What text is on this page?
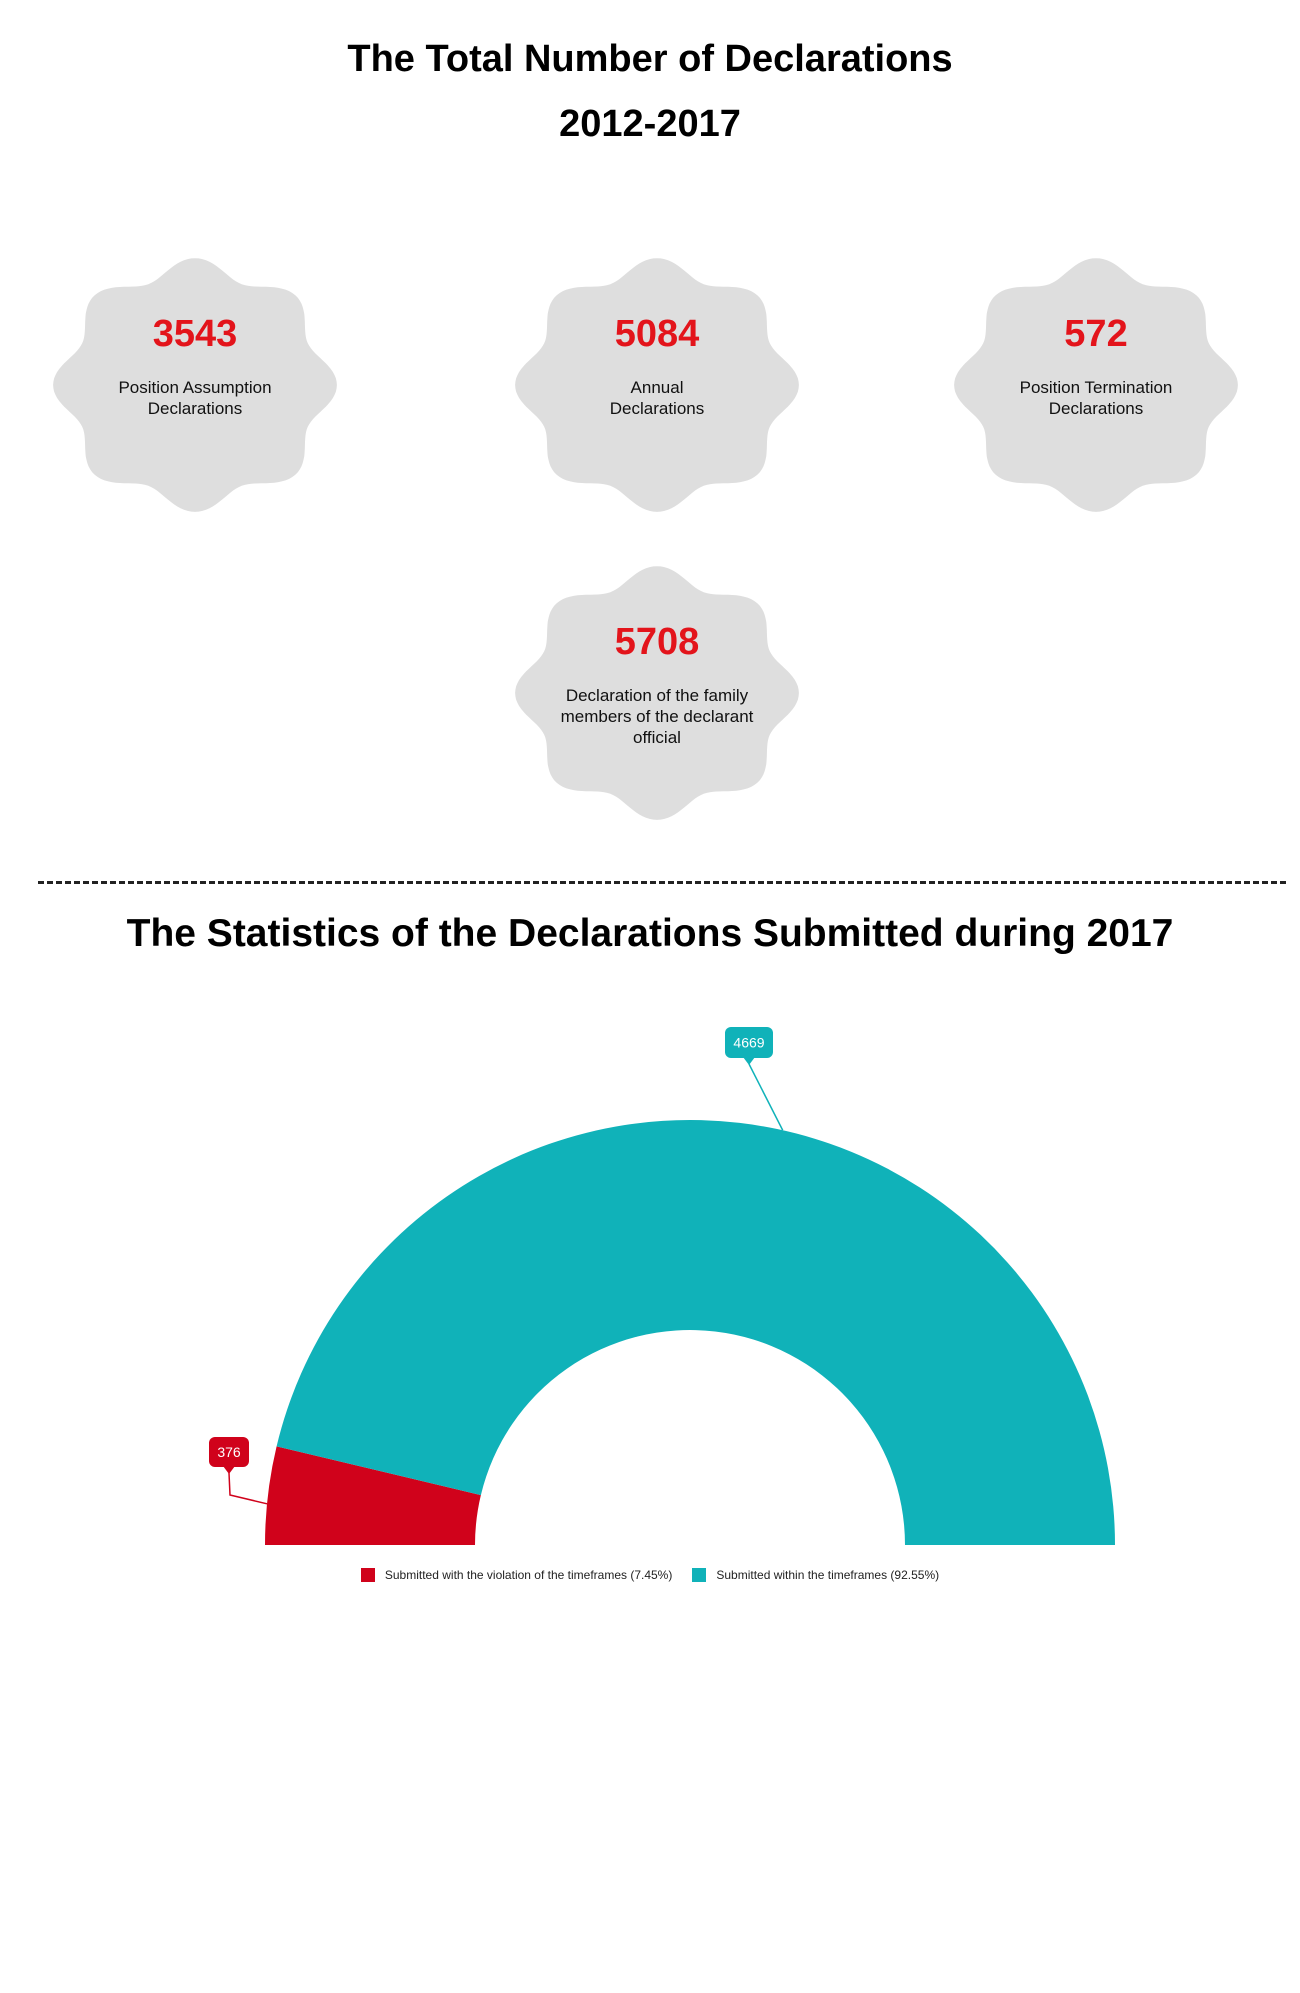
The Total Number of Declarations
2012-2017
3543
Position Assumption Declarations
5084
Annual Declarations
572
Position Termination Declarations
5708
Declaration of the family members of the declarant official
The Statistics of the Declarations Submitted during 2017
4669
376
Submitted with the violation of the timeframes (7.45%)	Submitted within the timeframes (92.55%)
